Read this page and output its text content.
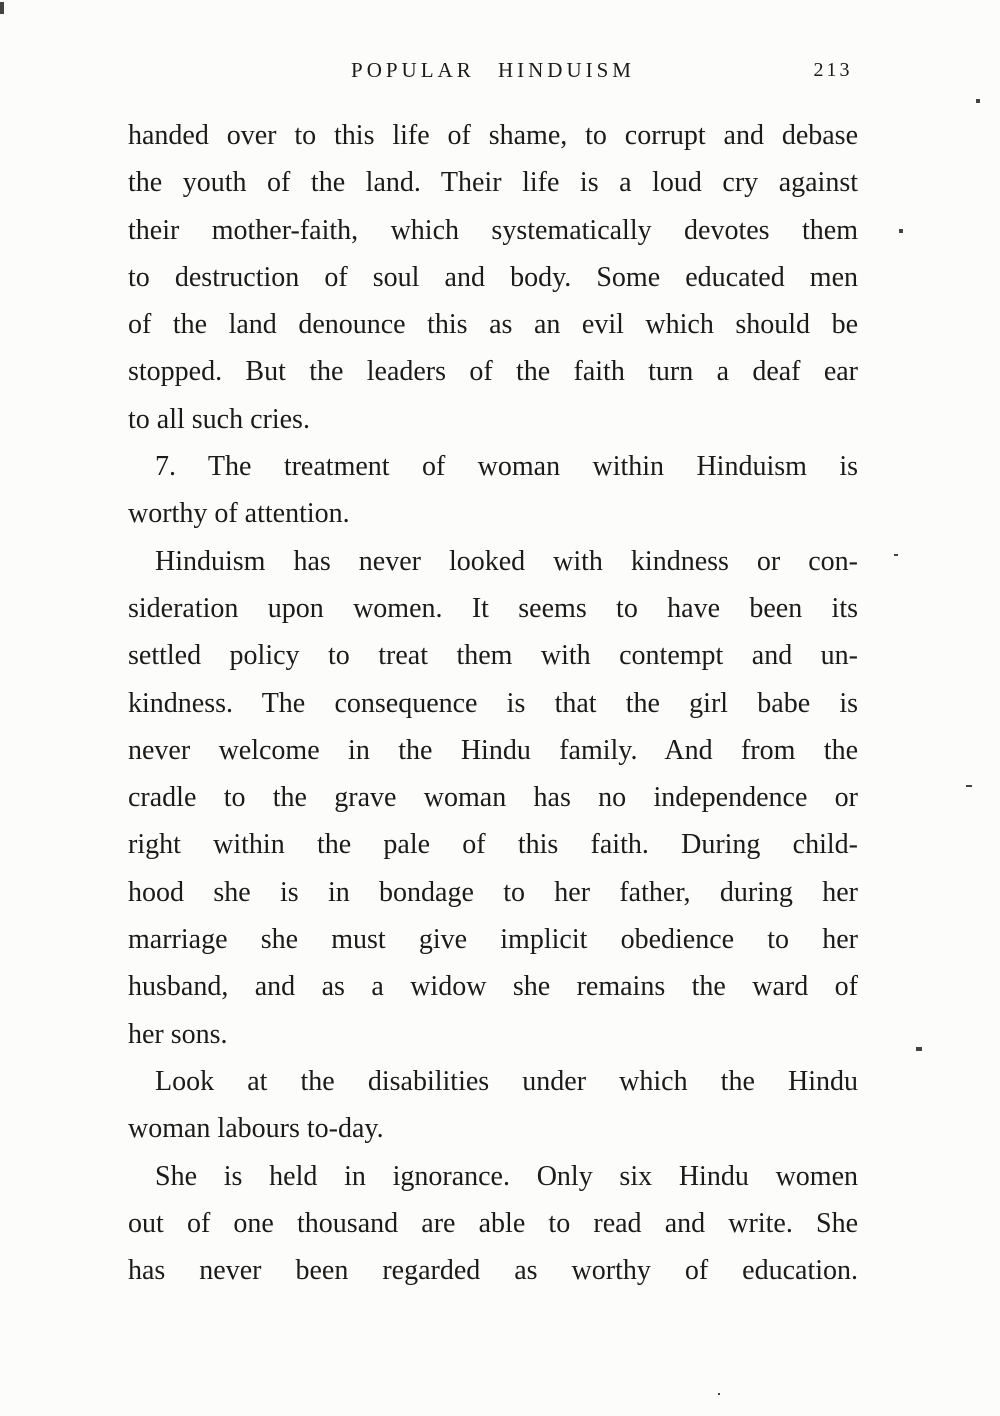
POPULAR HINDUISM	213
handed over to this life of shame, to corrupt and debase
the youth of the land. Their life is a loud cry against
their mother-faith, which systematically devotes them
to destruction of soul and body. Some educated men
of the land denounce this as an evil which should be
stopped. But the leaders of the faith turn a deaf ear
to all such cries.
7. The treatment of woman within Hinduism is
worthy of attention.
Hinduism has never looked with kindness or con-
sideration upon women. It seems to have been its
settled policy to treat them with contempt and un-
kindness. The consequence is that the girl babe is
never welcome in the Hindu family. And from the
cradle to the grave woman has no independence or
right within the pale of this faith. During child-
hood she is in bondage to her father, during her
marriage she must give implicit obedience to her
husband, and as a widow she remains the ward of
her sons.
Look at the disabilities under which the Hindu
woman labours to-day.
She is held in ignorance. Only six Hindu women
out of one thousand are able to read and write. She
has never been regarded as worthy of education.
